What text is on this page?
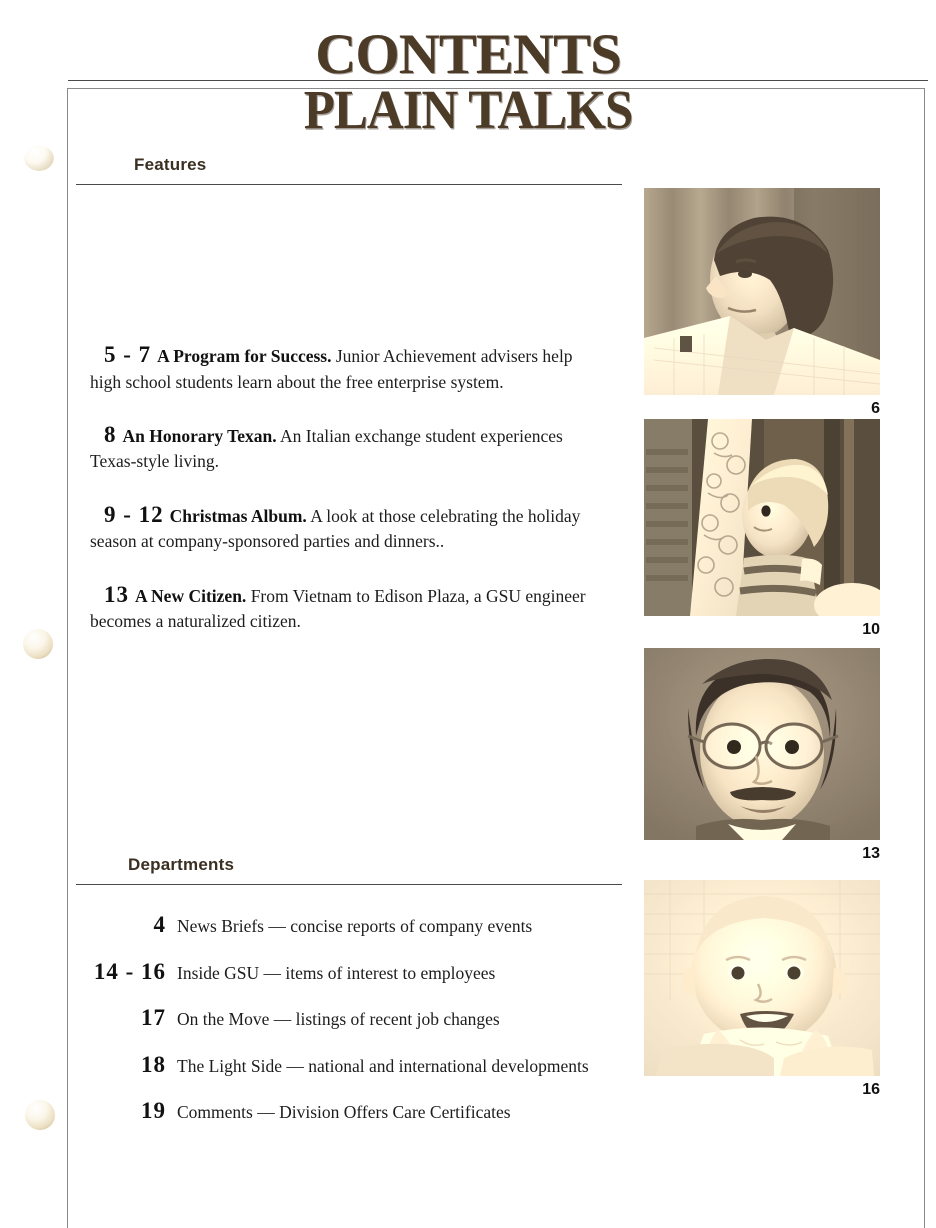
CONTENTS
PLAIN TALKS
Features
5 - 7 A Program for Success. Junior Achievement advisers help high school students learn about the free enterprise system.
8 An Honorary Texan. An Italian exchange student experiences Texas-style living.
9 - 12 Christmas Album. A look at those celebrating the holiday season at company-sponsored parties and dinners..
13 A New Citizen. From Vietnam to Edison Plaza, a GSU engineer becomes a naturalized citizen.
Departments
4 News Briefs — concise reports of company events
14 - 16 Inside GSU — items of interest to employees
17 On the Move — listings of recent job changes
18 The Light Side — national and international developments
19 Comments — Division Offers Care Certificates
6
10
13
16
